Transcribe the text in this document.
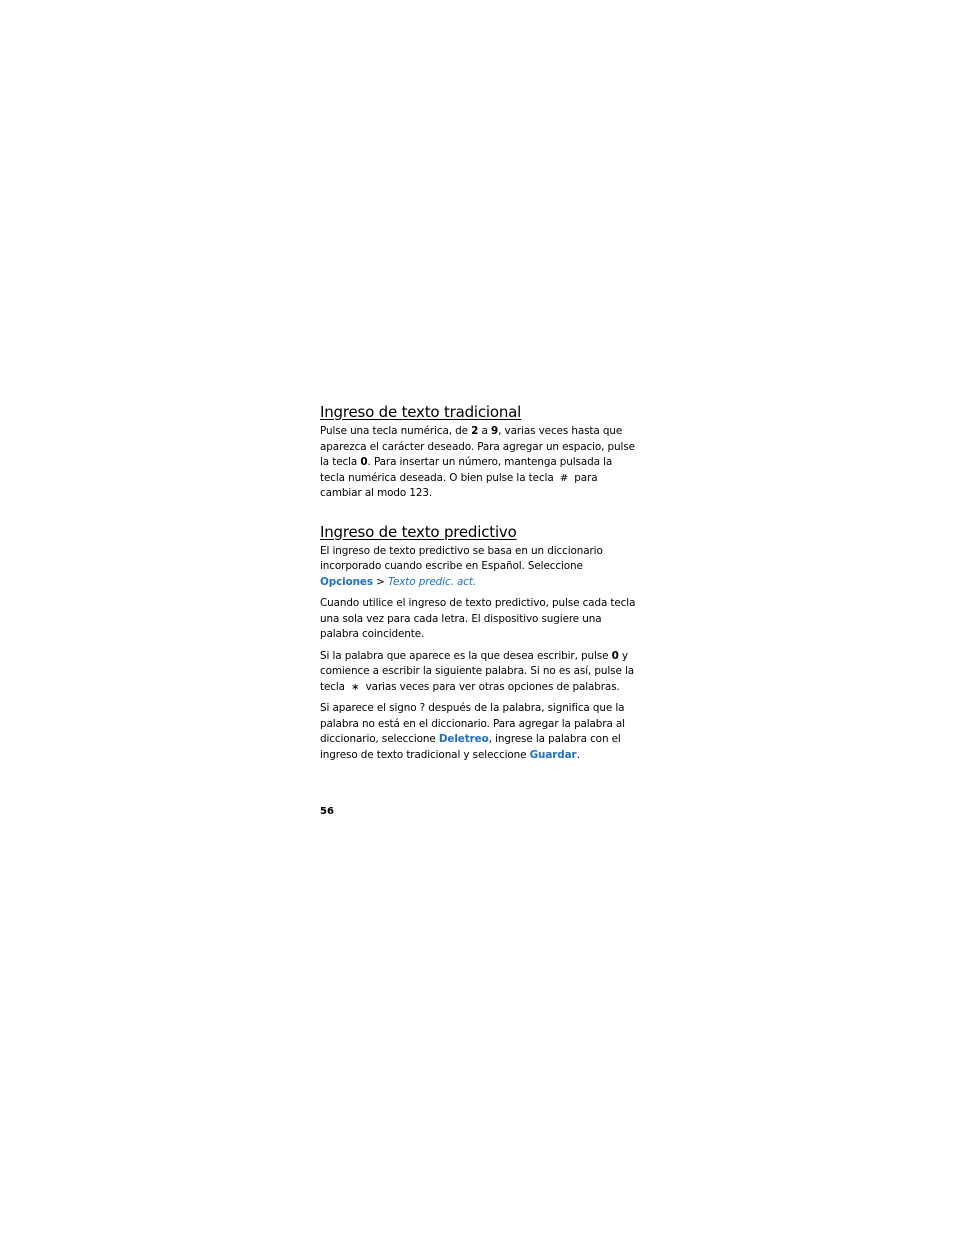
Ingreso de texto tradicional

Pulse una tecla numérica, de 2 a 9, varias veces hasta que aparezca el carácter deseado. Para agregar un espacio, pulse la tecla 0. Para insertar un número, mantenga pulsada la tecla numérica deseada. O bien pulse la tecla # para cambiar al modo 123.

Ingreso de texto predictivo

El ingreso de texto predictivo se basa en un diccionario incorporado cuando escribe en Español. Seleccione Opciones > Texto predic. act.

Cuando utilice el ingreso de texto predictivo, pulse cada tecla una sola vez para cada letra. El dispositivo sugiere una palabra coincidente.

Si la palabra que aparece es la que desea escribir, pulse 0 y comience a escribir la siguiente palabra. Si no es así, pulse la tecla ∗ varias veces para ver otras opciones de palabras.

Si aparece el signo ? después de la palabra, significa que la palabra no está en el diccionario. Para agregar la palabra al diccionario, seleccione Deletreo, ingrese la palabra con el ingreso de texto tradicional y seleccione Guardar.

56
